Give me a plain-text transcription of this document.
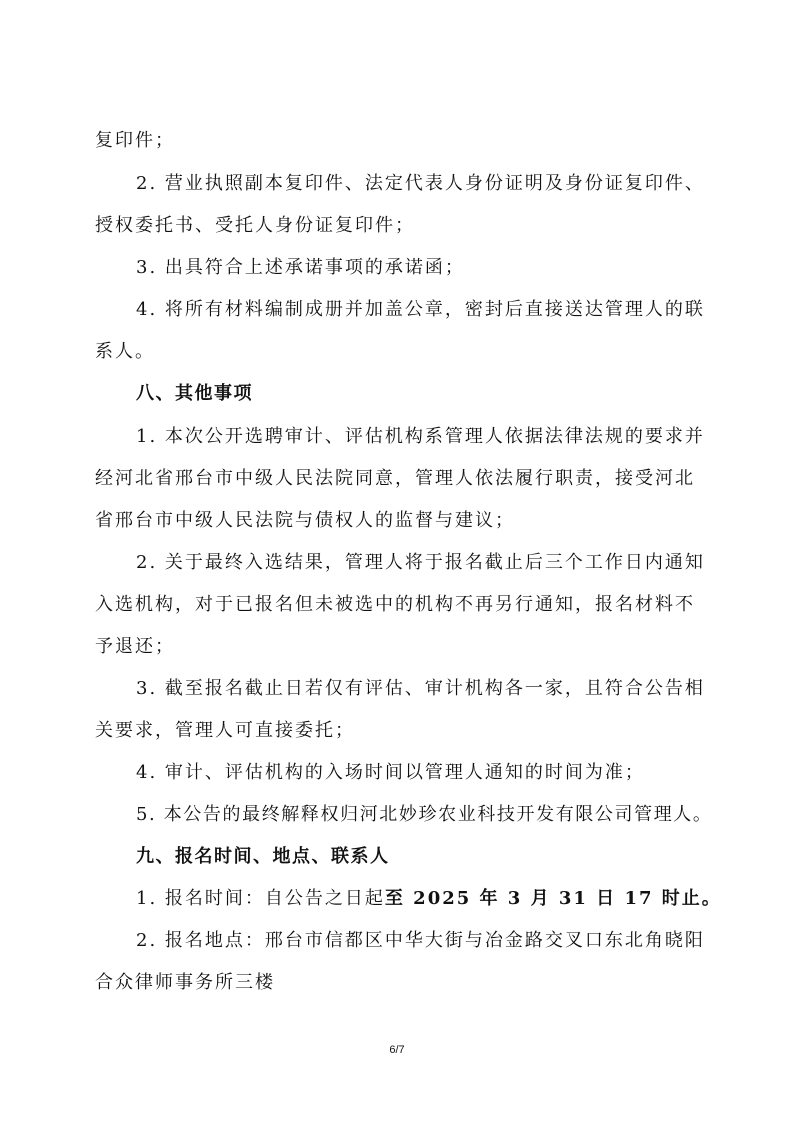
复印件；
2. 营业执照副本复印件、法定代表人身份证明及身份证复印件、
授权委托书、受托人身份证复印件；
3. 出具符合上述承诺事项的承诺函；
4. 将所有材料编制成册并加盖公章，密封后直接送达管理人的联
系人。
八、其他事项
1. 本次公开选聘审计、评估机构系管理人依据法律法规的要求并
经河北省邢台市中级人民法院同意，管理人依法履行职责，接受河北
省邢台市中级人民法院与债权人的监督与建议；
2. 关于最终入选结果，管理人将于报名截止后三个工作日内通知
入选机构，对于已报名但未被选中的机构不再另行通知，报名材料不
予退还；
3. 截至报名截止日若仅有评估、审计机构各一家，且符合公告相
关要求，管理人可直接委托；
4. 审计、评估机构的入场时间以管理人通知的时间为准；
5. 本公告的最终解释权归河北妙珍农业科技开发有限公司管理人。
九、报名时间、地点、联系人
1. 报名时间：自公告之日起至 2025 年 3 月 31 日 17 时止。
2. 报名地点：邢台市信都区中华大街与冶金路交叉口东北角晓阳
合众律师事务所三楼
6/7
